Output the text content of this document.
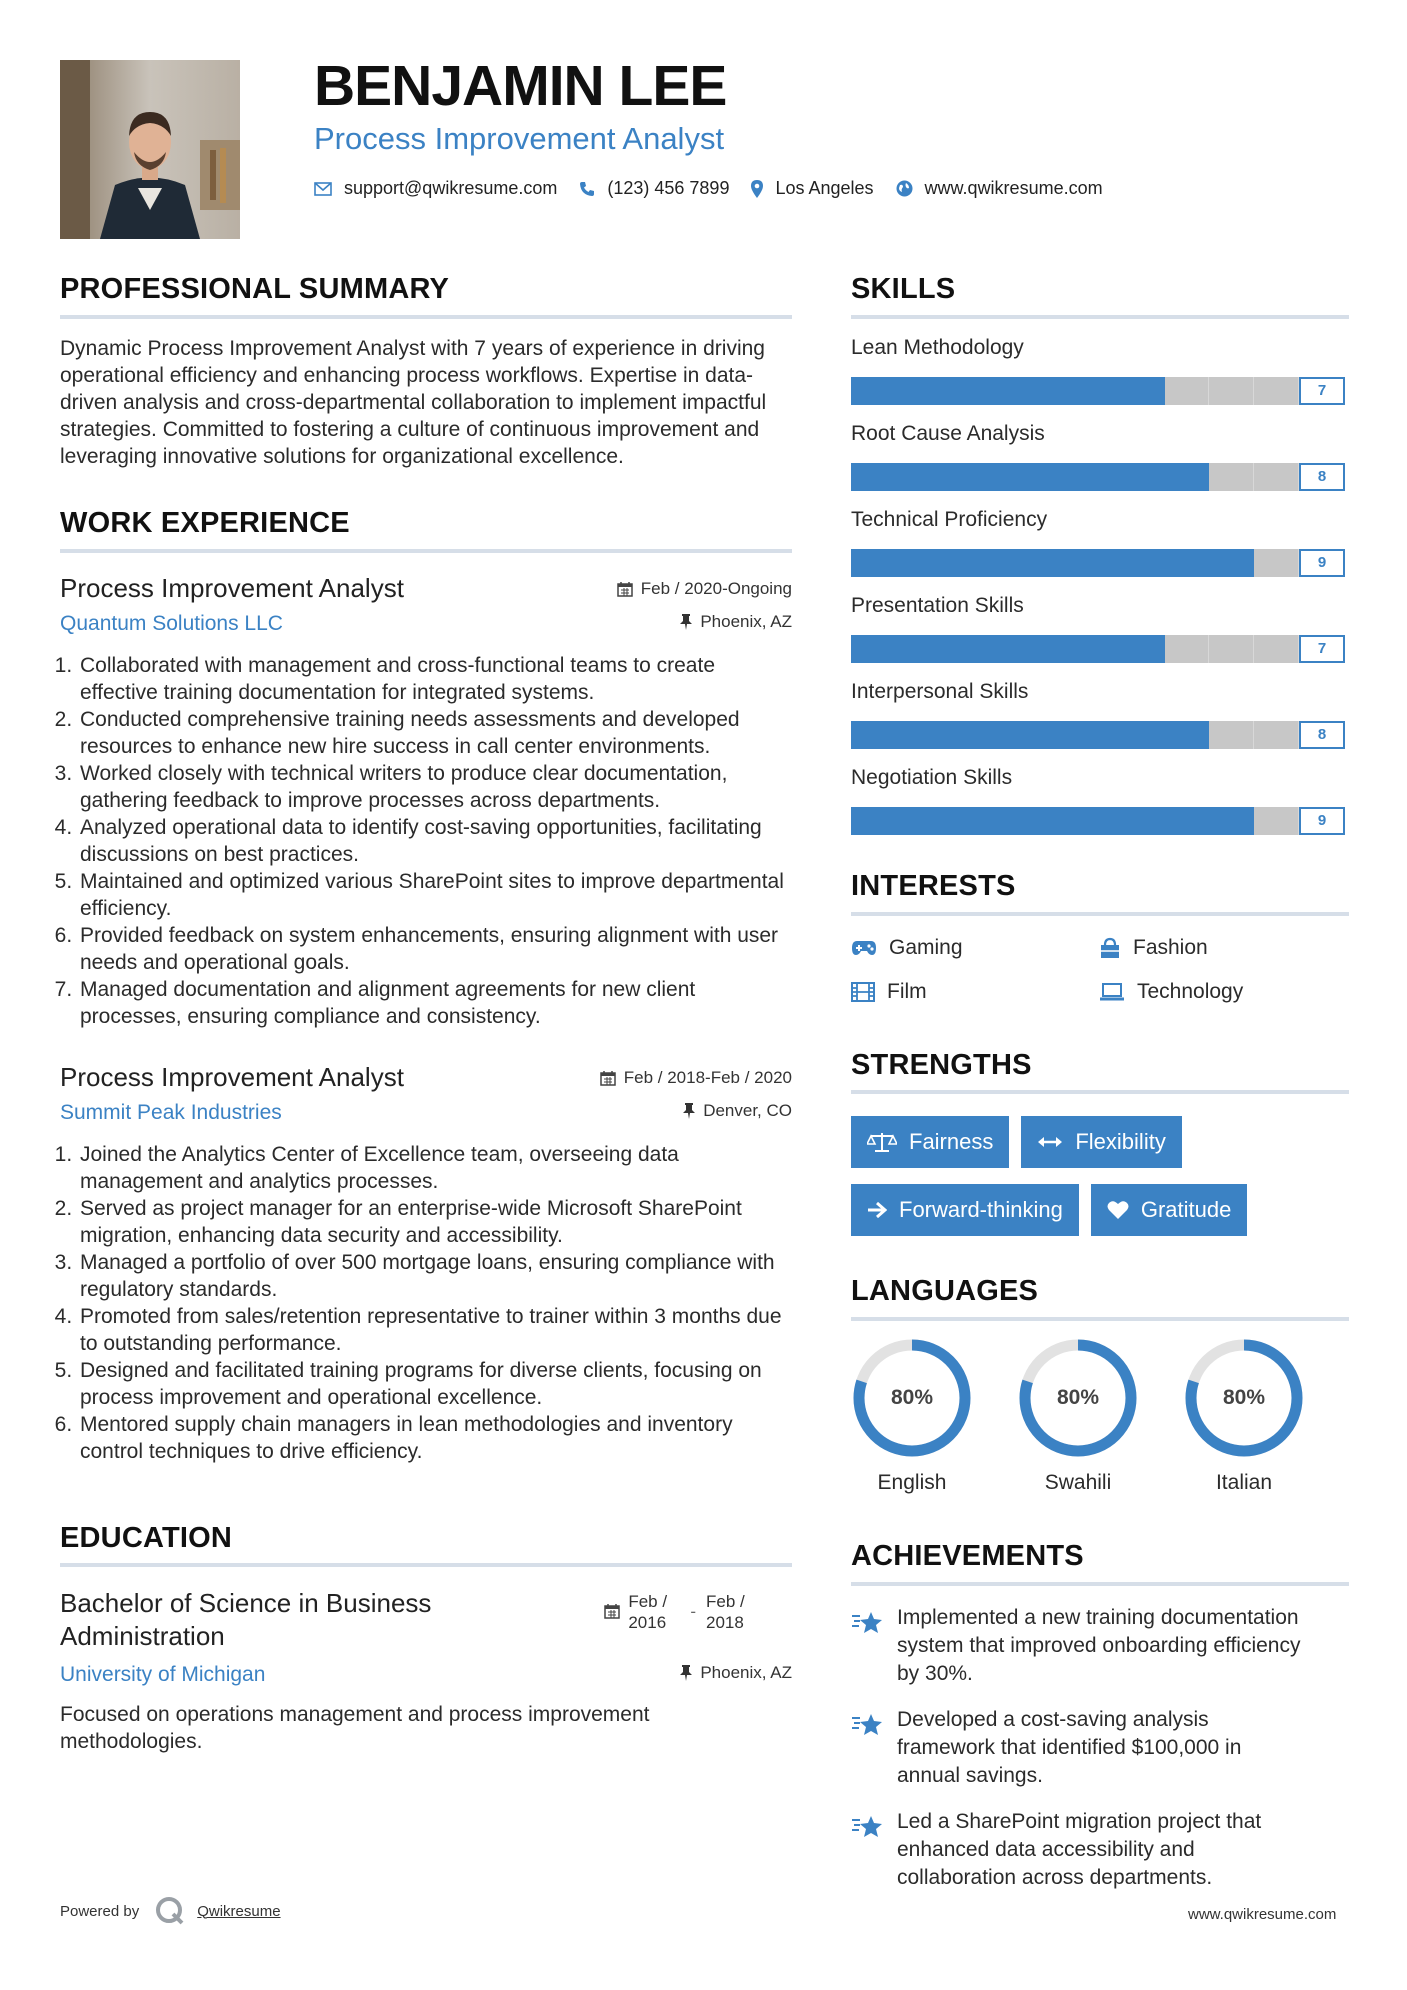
BENJAMIN LEE
Process Improvement Analyst
support@qwikresume.com	(123) 456 7899	Los Angeles	www.qwikresume.com
PROFESSIONAL SUMMARY
Dynamic Process Improvement Analyst with 7 years of experience in driving operational efficiency and enhancing process workflows. Expertise in data-driven analysis and cross-departmental collaboration to implement impactful strategies. Committed to fostering a culture of continuous improvement and leveraging innovative solutions for organizational excellence.
WORK EXPERIENCE
Process Improvement Analyst	Feb / 2020-Ongoing
Quantum Solutions LLC	Phoenix, AZ
1. Collaborated with management and cross-functional teams to create effective training documentation for integrated systems.
2. Conducted comprehensive training needs assessments and developed resources to enhance new hire success in call center environments.
3. Worked closely with technical writers to produce clear documentation, gathering feedback to improve processes across departments.
4. Analyzed operational data to identify cost-saving opportunities, facilitating discussions on best practices.
5. Maintained and optimized various SharePoint sites to improve departmental efficiency.
6. Provided feedback on system enhancements, ensuring alignment with user needs and operational goals.
7. Managed documentation and alignment agreements for new client processes, ensuring compliance and consistency.
Process Improvement Analyst	Feb / 2018-Feb / 2020
Summit Peak Industries	Denver, CO
1. Joined the Analytics Center of Excellence team, overseeing data management and analytics processes.
2. Served as project manager for an enterprise-wide Microsoft SharePoint migration, enhancing data security and accessibility.
3. Managed a portfolio of over 500 mortgage loans, ensuring compliance with regulatory standards.
4. Promoted from sales/retention representative to trainer within 3 months due to outstanding performance.
5. Designed and facilitated training programs for diverse clients, focusing on process improvement and operational excellence.
6. Mentored supply chain managers in lean methodologies and inventory control techniques to drive efficiency.
EDUCATION
Bachelor of Science in Business Administration
Feb / 2016
-
Feb / 2018
University of Michigan	Phoenix, AZ
Focused on operations management and process improvement methodologies.
SKILLS
Lean Methodology
7
Root Cause Analysis
8
Technical Proficiency
9
Presentation Skills
7
Interpersonal Skills
8
Negotiation Skills
9
INTERESTS
Gaming	Fashion
Film	Technology
STRENGTHS
Fairness	Flexibility
Forward-thinking	Gratitude
LANGUAGES
80%
English
80%
Swahili
80%
Italian
ACHIEVEMENTS
Implemented a new training documentation system that improved onboarding efficiency by 30%.
Developed a cost-saving analysis framework that identified $100,000 in annual savings.
Led a SharePoint migration project that enhanced data accessibility and collaboration across departments.
Powered by	Qwikresume	www.qwikresume.com
